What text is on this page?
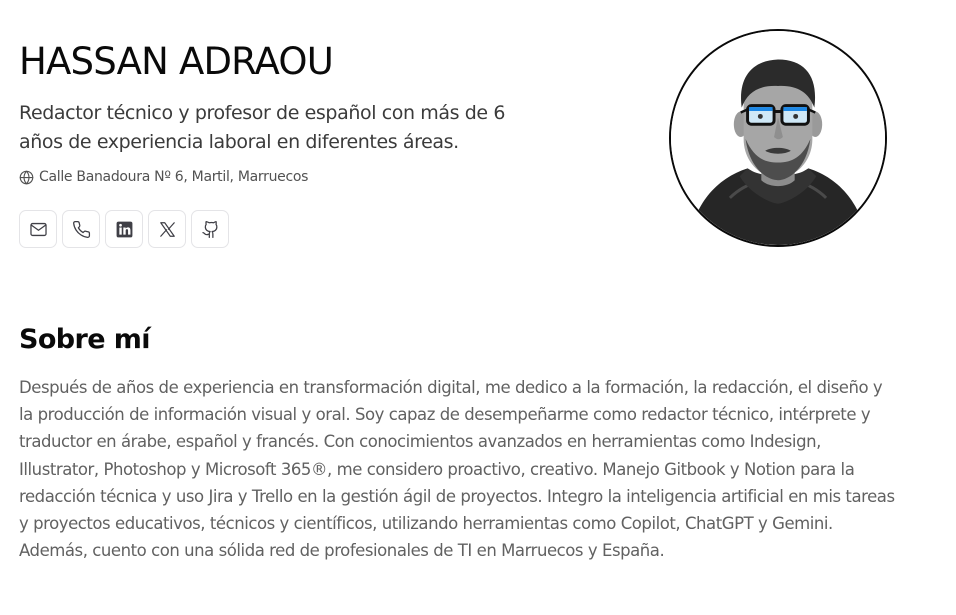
HASSAN ADRAOU

Redactor técnico y profesor de español con más de 6 años de experiencia laboral en diferentes áreas.

Calle Banadoura Nº 6, Martil, Marruecos
Sobre mí

Después de años de experiencia en transformación digital, me dedico a la formación, la redacción, el diseño y la producción de información visual y oral. Soy capaz de desempeñarme como redactor técnico, intérprete y traductor en árabe, español y francés. Con conocimientos avanzados en herramientas como Indesign, Illustrator, Photoshop y Microsoft 365®, me considero proactivo, creativo. Manejo Gitbook y Notion para la redacción técnica y uso Jira y Trello en la gestión ágil de proyectos. Integro la inteligencia artificial en mis tareas y proyectos educativos, técnicos y científicos, utilizando herramientas como Copilot, ChatGPT y Gemini. Además, cuento con una sólida red de profesionales de TI en Marruecos y España.
